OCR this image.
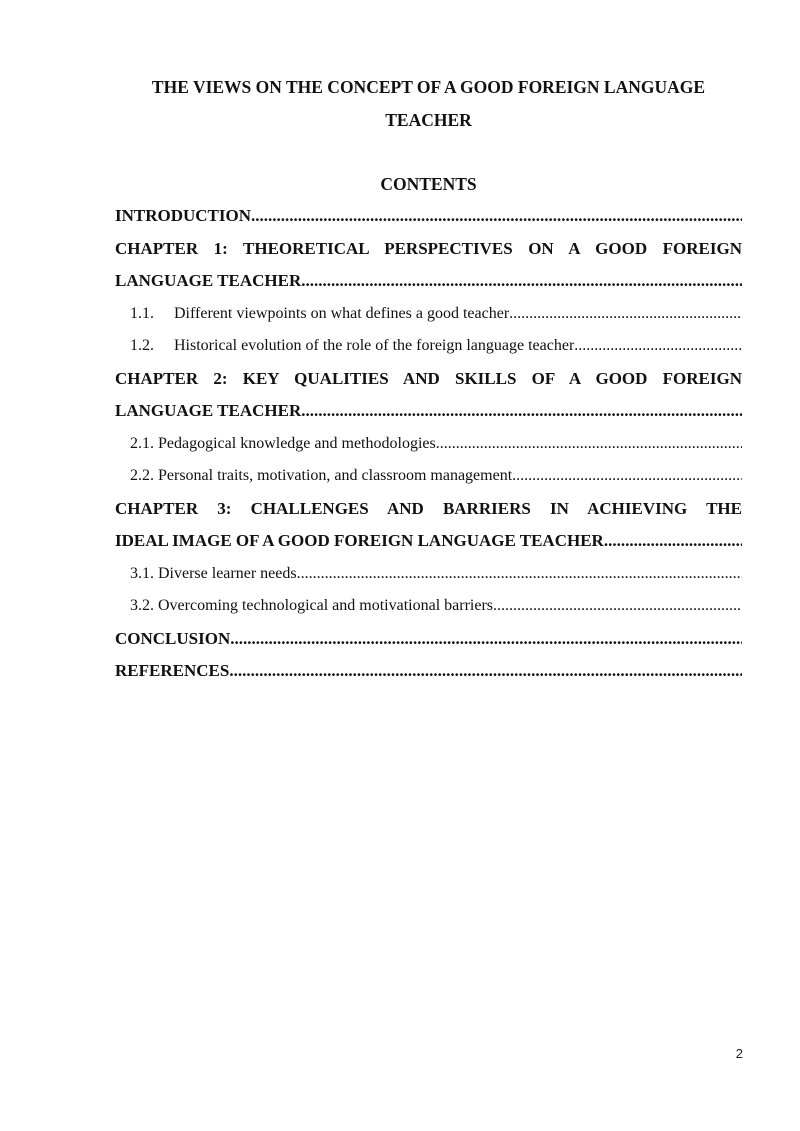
THE VIEWS ON THE CONCEPT OF A GOOD FOREIGN LANGUAGE
TEACHER
CONTENTS
INTRODUCTION
.....
CHAPTER 1: THEORETICAL PERSPECTIVES ON A GOOD FOREIGN
LANGUAGE TEACHER
.....
1.1.	Different viewpoints on what defines a good teacher
.....
1.2.	Historical evolution of the role of the foreign language teacher
.....
CHAPTER 2: KEY QUALITIES AND SKILLS OF A GOOD FOREIGN
LANGUAGE TEACHER
.....
2.1. Pedagogical knowledge and methodologies
.....
2.2. Personal traits, motivation, and classroom management
.....
CHAPTER 3: CHALLENGES AND BARRIERS IN ACHIEVING THE
IDEAL IMAGE OF A GOOD FOREIGN LANGUAGE TEACHER
.....
3.1. Diverse learner needs
.....
3.2. Overcoming technological and motivational barriers
.....
CONCLUSION
.....
REFERENCES
.....
2
